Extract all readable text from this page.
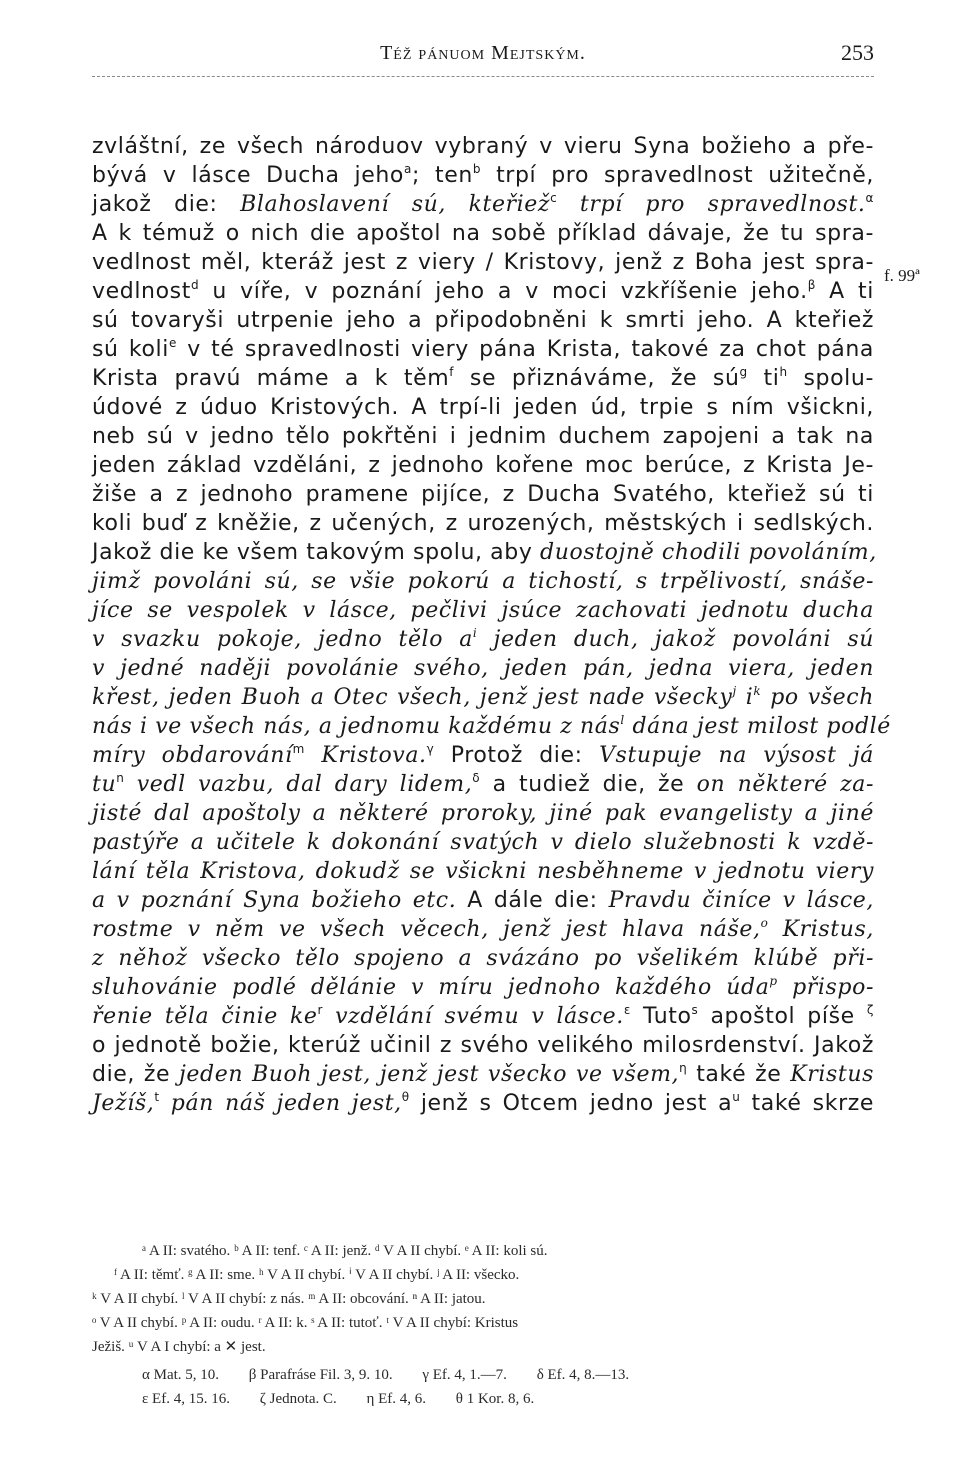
Též pánuom Mejtským.	253
f. 99ª
zvláštní, ze všech národuov vybraný v vieru Syna božieho a pře-
bývá v lásce Ducha jeho$^a$; ten$^b$ trpí pro spravedlnost užitečně,
jakož die: Blahoslavení sú, kteřiež$^c$ trpí pro spravedlnost.$^\alpha$
A k témuž o nich die apoštol na sobě příklad dávaje, že tu spra-
vedlnost měl, kteráž jest z viery / Kristovy, jenž z Boha jest spra-
vedlnost$^d$ u víře, v poznání jeho a v moci vzkříšenie jeho.$^\beta$ A ti
sú tovaryši utrpenie jeho a připodobněni k smrti jeho. A kteřiež
sú koli$^e$ v té spravedlnosti viery pána Krista, takové za chot pána
Krista pravú máme a k těm$^f$ se přiznáváme, že $sú^g$ $ti^h$ spolu-
údové z úduo Kristových. A trpí-li jeden úd, trpie s ním všickni,
neb sú v jedno tělo pokřtěni i jednim duchem zapojeni a tak na
jeden základ vzděláni, z jednoho kořene moc berúce, z Krista Je-
žiše a z jednoho pramene pijíce, z Ducha Svatého, kteřiež sú ti
koli buď z kněžie, z učených, z urozených, městských i sedlských.
Jakož die ke všem takovým spolu, aby duostojně chodili povoláním,
jimž povoláni sú, se všie pokorú a tichostí, s trpělivostí, snáše-
jíce se vespolek v lásce, pečlivi jsúce zachovati jednotu ducha
v svazku pokoje, jedno tělo $a^i$ jeden duch, jakož povoláni sú
v jedné naději povolánie svého, jeden pán, jedna viera, jeden
křest, jeden Buoh a Otec všech, jenž jest nade všecky$^j$ $i^k$ po všech
nás i ve všech nás, a jednomu každému z nás$^l$ dána jest milost podlé
míry obdarování$^m$ Kristova.$^\gamma$ Protož die: Vstupuje na výsost já
$tu^n$ vedl vazbu, dal dary lidem,$^\delta$ a tudiež die, že on některé za-
jisté dal apoštoly a některé proroky, jiné pak evangelisty a jiné
pastýře a učitele k dokonání svatých v dielo služebnosti k vzdě-
lání těla Kristova, dokudž se všickni nesběhneme v jednotu viery
a v poznání Syna božieho etc. A dále die: Pravdu činíce v lásce,
rostme v něm ve všech věcech, jenž jest hlava náše,$^o$ Kristus,
z něhož všecko tělo spojeno a svázáno po všelikém klúbě při-
sluhovánie podlé dělánie v míru jednoho každého úda$^p$ přispo-
řenie těla činie $ke^r$ vzdělání svému v lásce.$^\varepsilon$ Tuto$^s$ apoštol píše $^\zeta$
o jednotě božie, kterúž učinil z svého velikého milosrdenství. Jakož
die, že jeden Buoh jest, jenž jest všecko ve všem,$^\eta$ také že Kristus
Ježíš,$^t$ pán náš jeden jest,$^\theta$ jenž s Otcem jedno jest $a^u$ také skrze
ᵃ A II: svatého. ᵇ A II: tenf. ᶜ A II: jenž. ᵈ V A II chybí. ᵉ A II: koli sú.
ᶠ A II: těmť. ᵍ A II: sme. ʰ V A II chybí. ⁱ V A II chybí. ʲ A II: všecko.
ᵏ V A II chybí. ˡ V A II chybí: z nás. ᵐ A II: obcování. ⁿ A II: jatou.
ᵒ V A II chybí. ᵖ A II: oudu. ʳ A II: k. ˢ A II: tutoť. ᵗ V A II chybí: Kristus
Ježiš. ᵘ V A I chybí: a ✕ jest.
α Mat. 5, 10. β Parafráse Fil. 3, 9. 10. γ Ef. 4, 1.—7. δ Ef. 4, 8.—13.
ε Ef. 4, 15. 16. ζ Jednota. C. η Ef. 4, 6. θ 1 Kor. 8, 6.
